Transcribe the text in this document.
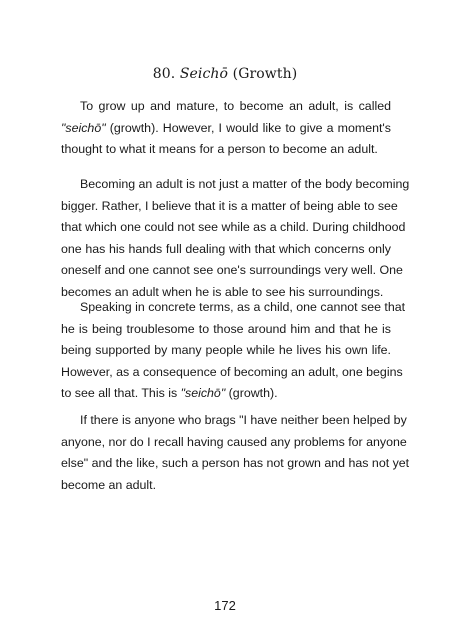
80. Seichō (Growth)
To grow up and mature, to become an adult, is called
"seichō" (growth). However, I would like to give a moment's
thought to what it means for a person to become an adult.
Becoming an adult is not just a matter of the body becoming
bigger. Rather, I believe that it is a matter of being able to see
that which one could not see while as a child. During childhood
one has his hands full dealing with that which concerns only
oneself and one cannot see one's surroundings very well. One
becomes an adult when he is able to see his surroundings.
Speaking in concrete terms, as a child, one cannot see that
he is being troublesome to those around him and that he is
being supported by many people while he lives his own life.
However, as a consequence of becoming an adult, one begins
to see all that. This is "seichō" (growth).
If there is anyone who brags "I have neither been helped by
anyone, nor do I recall having caused any problems for anyone
else" and the like, such a person has not grown and has not yet
become an adult.
172
